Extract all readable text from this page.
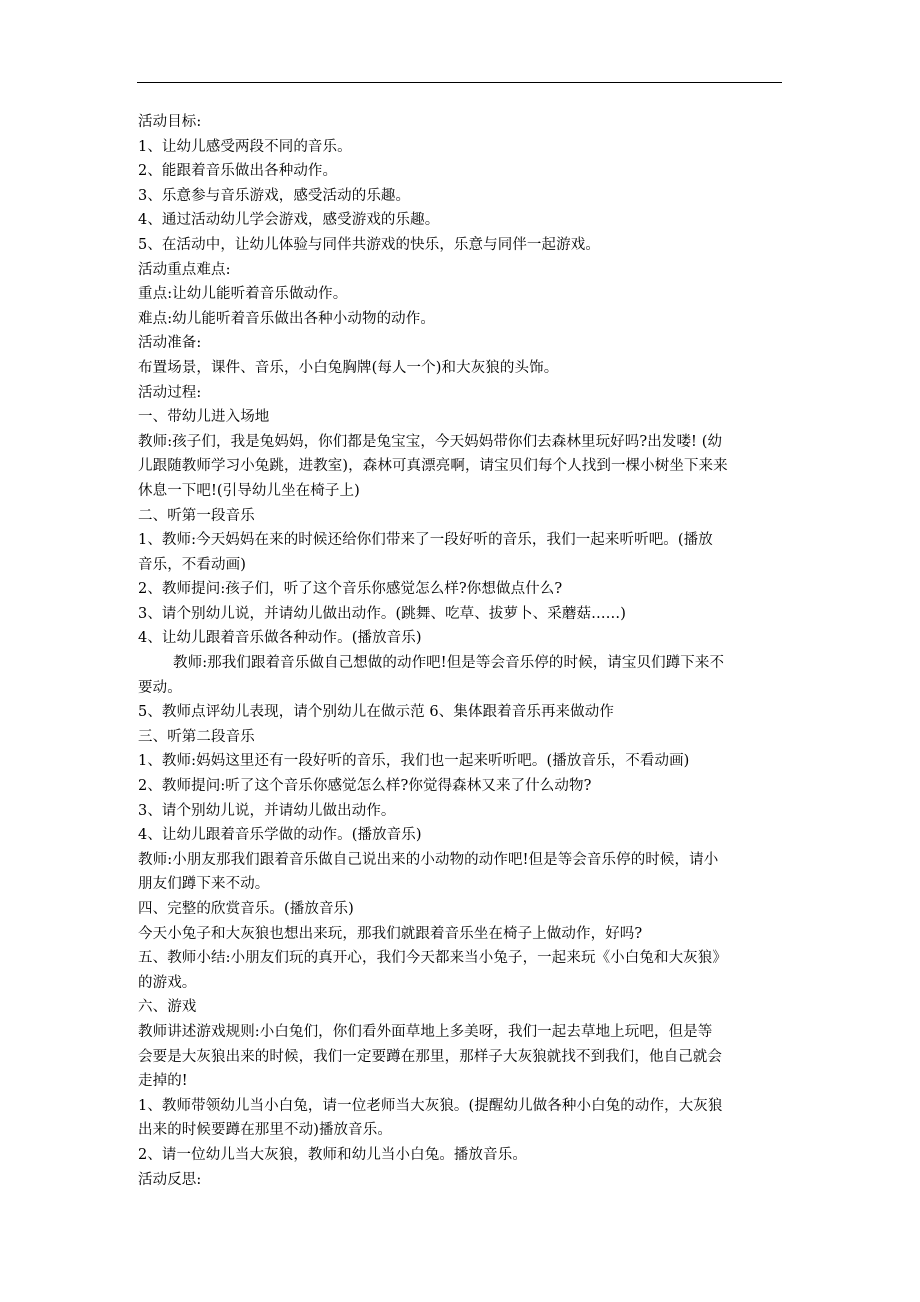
活动目标:
1、让幼儿感受两段不同的音乐。
2、能跟着音乐做出各种动作。
3、乐意参与音乐游戏，感受活动的乐趣。
4、通过活动幼儿学会游戏，感受游戏的乐趣。
5、在活动中，让幼儿体验与同伴共游戏的快乐，乐意与同伴一起游戏。
活动重点难点:
重点:让幼儿能听着音乐做动作。
难点:幼儿能听着音乐做出各种小动物的动作。
活动准备:
布置场景，课件、音乐，小白兔胸牌(每人一个)和大灰狼的头饰。
活动过程:
一、带幼儿进入场地
教师:孩子们，我是兔妈妈，你们都是兔宝宝，今天妈妈带你们去森林里玩好吗?出发喽! (幼
儿跟随教师学习小兔跳，进教室)，森林可真漂亮啊，请宝贝们每个人找到一棵小树坐下来来
休息一下吧!(引导幼儿坐在椅子上)
二、听第一段音乐
1、教师:今天妈妈在来的时候还给你们带来了一段好听的音乐，我们一起来听听吧。(播放
音乐，不看动画)
2、教师提问:孩子们，听了这个音乐你感觉怎么样?你想做点什么?
3、请个别幼儿说，并请幼儿做出动作。(跳舞、吃草、拔萝卜、采蘑菇……)
4、让幼儿跟着音乐做各种动作。(播放音乐)
教师:那我们跟着音乐做自己想做的动作吧!但是等会音乐停的时候，请宝贝们蹲下来不
要动。
5、教师点评幼儿表现，请个别幼儿在做示范 6、集体跟着音乐再来做动作
三、听第二段音乐
1、教师:妈妈这里还有一段好听的音乐，我们也一起来听听吧。(播放音乐，不看动画)
2、教师提问:听了这个音乐你感觉怎么样?你觉得森林又来了什么动物?
3、请个别幼儿说，并请幼儿做出动作。
4、让幼儿跟着音乐学做的动作。(播放音乐)
教师:小朋友那我们跟着音乐做自己说出来的小动物的动作吧!但是等会音乐停的时候，请小
朋友们蹲下来不动。
四、完整的欣赏音乐。(播放音乐)
今天小兔子和大灰狼也想出来玩，那我们就跟着音乐坐在椅子上做动作，好吗?
五、教师小结:小朋友们玩的真开心，我们今天都来当小兔子，一起来玩《小白兔和大灰狼》
的游戏。
六、游戏
教师讲述游戏规则:小白兔们，你们看外面草地上多美呀，我们一起去草地上玩吧，但是等
会要是大灰狼出来的时候，我们一定要蹲在那里，那样子大灰狼就找不到我们，他自己就会
走掉的!
1、教师带领幼儿当小白兔，请一位老师当大灰狼。(提醒幼儿做各种小白兔的动作，大灰狼
出来的时候要蹲在那里不动)播放音乐。
2、请一位幼儿当大灰狼，教师和幼儿当小白兔。播放音乐。
活动反思:
